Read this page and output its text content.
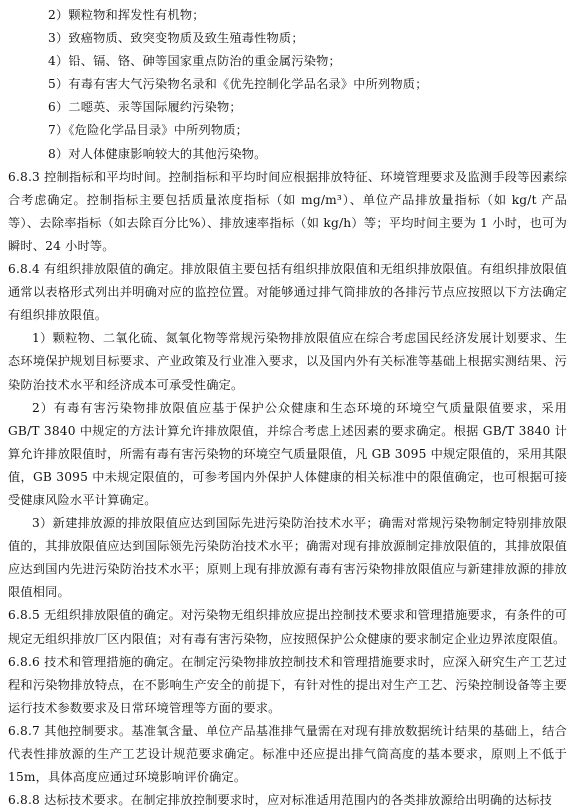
2）颗粒物和挥发性有机物；
3）致癌物质、致突变物质及致生殖毒性物质；
4）铅、镉、铬、砷等国家重点防治的重金属污染物；
5）有毒有害大气污染物名录和《优先控制化学品名录》中所列物质；
6）二噁英、汞等国际履约污染物；
7）《危险化学品目录》中所列物质；
8）对人体健康影响较大的其他污染物。

6.8.3 控制指标和平均时间。控制指标和平均时间应根据排放特征、环境管理要求及监测手段等因素综合考虑确定。控制指标主要包括质量浓度指标（如 mg/m³）、单位产品排放量指标（如 kg/t 产品等）、去除率指标（如去除百分比%）、排放速率指标（如 kg/h）等；平均时间主要为 1 小时，也可为瞬时、24 小时等。

6.8.4 有组织排放限值的确定。排放限值主要包括有组织排放限值和无组织排放限值。有组织排放限值通常以表格形式列出并明确对应的监控位置。对能够通过排气筒排放的各排污节点应按照以下方法确定有组织排放限值。

1）颗粒物、二氧化硫、氮氧化物等常规污染物排放限值应在综合考虑国民经济发展计划要求、生态环境保护规划目标要求、产业政策及行业准入要求，以及国内外有关标准等基础上根据实测结果、污染防治技术水平和经济成本可承受性确定。

2）有毒有害污染物排放限值应基于保护公众健康和生态环境的环境空气质量限值要求，采用 GB/T 3840 中规定的方法计算允许排放限值，并综合考虑上述因素的要求确定。根据 GB/T 3840 计算允许排放限值时，所需有毒有害污染物的环境空气质量限值，凡 GB 3095 中规定限值的，采用其限值，GB 3095 中未规定限值的，可参考国内外保护人体健康的相关标准中的限值确定，也可根据可接受健康风险水平计算确定。

3）新建排放源的排放限值应达到国际先进污染防治技术水平；确需对常规污染物制定特别排放限值的，其排放限值应达到国际领先污染防治技术水平；确需对现有排放源制定排放限值的，其排放限值应达到国内先进污染防治技术水平；原则上现有排放源有毒有害污染物排放限值应与新建排放源的排放限值相同。

6.8.5 无组织排放限值的确定。对污染物无组织排放应提出控制技术要求和管理措施要求，有条件的可规定无组织排放厂区内限值；对有毒有害污染物，应按照保护公众健康的要求制定企业边界浓度限值。

6.8.6 技术和管理措施的确定。在制定污染物排放控制技术和管理措施要求时，应深入研究生产工艺过程和污染物排放特点，在不影响生产安全的前提下，有针对性的提出对生产工艺、污染控制设备等主要运行技术参数要求及日常环境管理等方面的要求。

6.8.7 其他控制要求。基准氧含量、单位产品基准排气量需在对现有排放数据统计结果的基础上，结合代表性排放源的生产工艺设计规范要求确定。标准中还应提出排气筒高度的基本要求，原则上不低于 15m，具体高度应通过环境影响评价确定。

6.8.8 达标技术要求。在制定排放控制要求时，应对标准适用范围内的各类排放源给出明确的达标技
